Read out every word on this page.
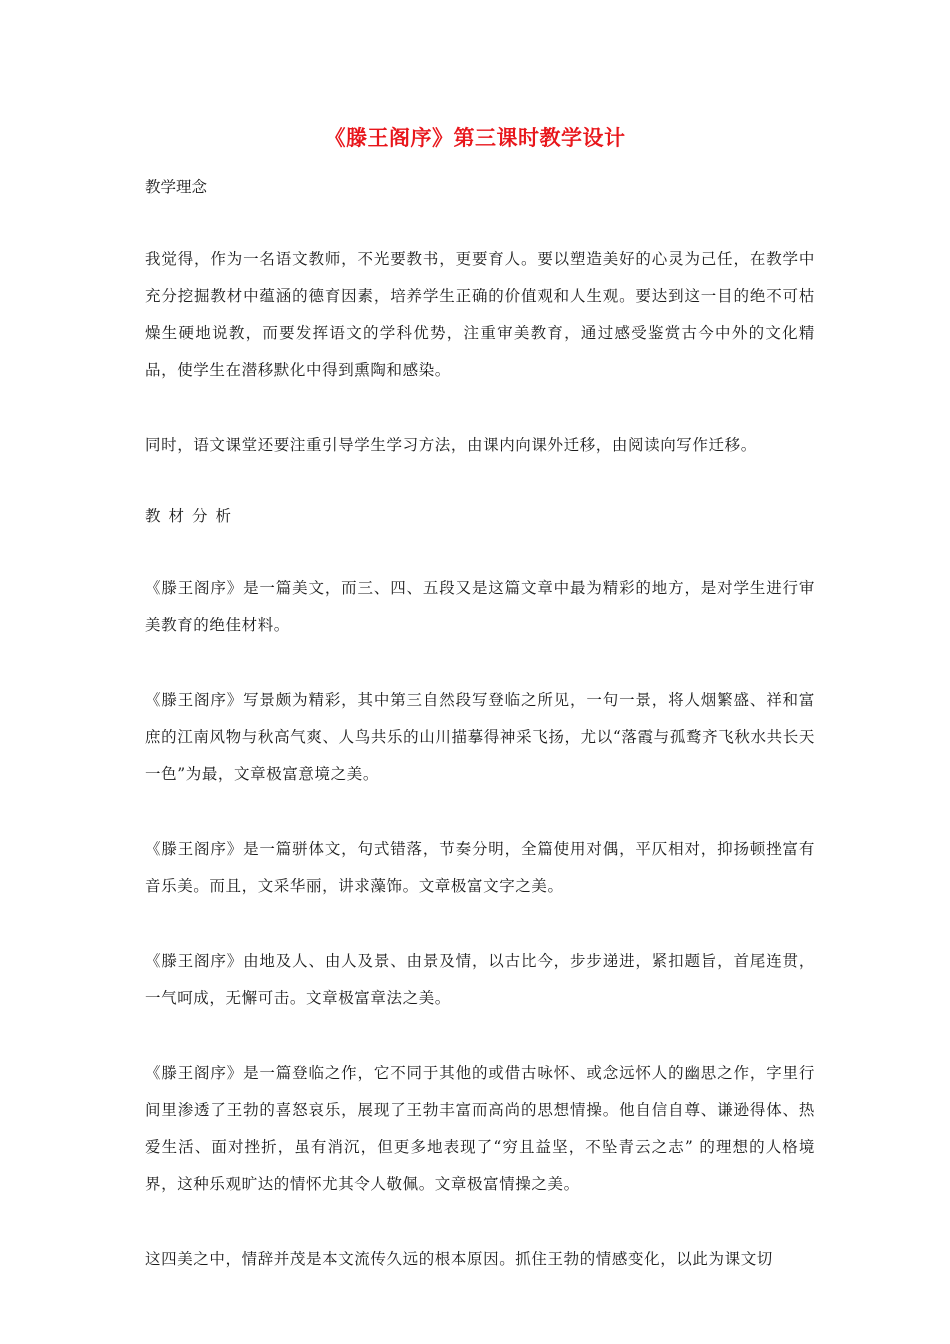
《滕王阁序》第三课时教学设计
教学理念

我觉得，作为一名语文教师，不光要教书，更要育人。要以塑造美好的心灵为己任，在教学中充分挖掘教材中蕴涵的德育因素，培养学生正确的价值观和人生观。要达到这一目的绝不可枯燥生硬地说教，而要发挥语文的学科优势，注重审美教育，通过感受鉴赏古今中外的文化精品，使学生在潜移默化中得到熏陶和感染。

同时，语文课堂还要注重引导学生学习方法，由课内向课外迁移，由阅读向写作迁移。

教材分析

《滕王阁序》是一篇美文，而三、四、五段又是这篇文章中最为精彩的地方，是对学生进行审美教育的绝佳材料。

《滕王阁序》写景颇为精彩，其中第三自然段写登临之所见，一句一景，将人烟繁盛、祥和富庶的江南风物与秋高气爽、人鸟共乐的山川描摹得神采飞扬，尤以“落霞与孤鹜齐飞秋水共长天一色”为最，文章极富意境之美。

《滕王阁序》是一篇骈体文，句式错落，节奏分明，全篇使用对偶，平仄相对，抑扬顿挫富有音乐美。而且，文采华丽，讲求藻饰。文章极富文字之美。

《滕王阁序》由地及人、由人及景、由景及情，以古比今，步步递进，紧扣题旨，首尾连贯，一气呵成，无懈可击。文章极富章法之美。

《滕王阁序》是一篇登临之作，它不同于其他的或借古咏怀、或念远怀人的幽思之作，字里行间里渗透了王勃的喜怒哀乐，展现了王勃丰富而高尚的思想情操。他自信自尊、谦逊得体、热爱生活、面对挫折，虽有消沉，但更多地表现了“穷且益坚，不坠青云之志” 的理想的人格境界，这种乐观旷达的情怀尤其令人敬佩。文章极富情操之美。

这四美之中，情辞并茂是本文流传久远的根本原因。抓住王勃的情感变化，以此为课文切
